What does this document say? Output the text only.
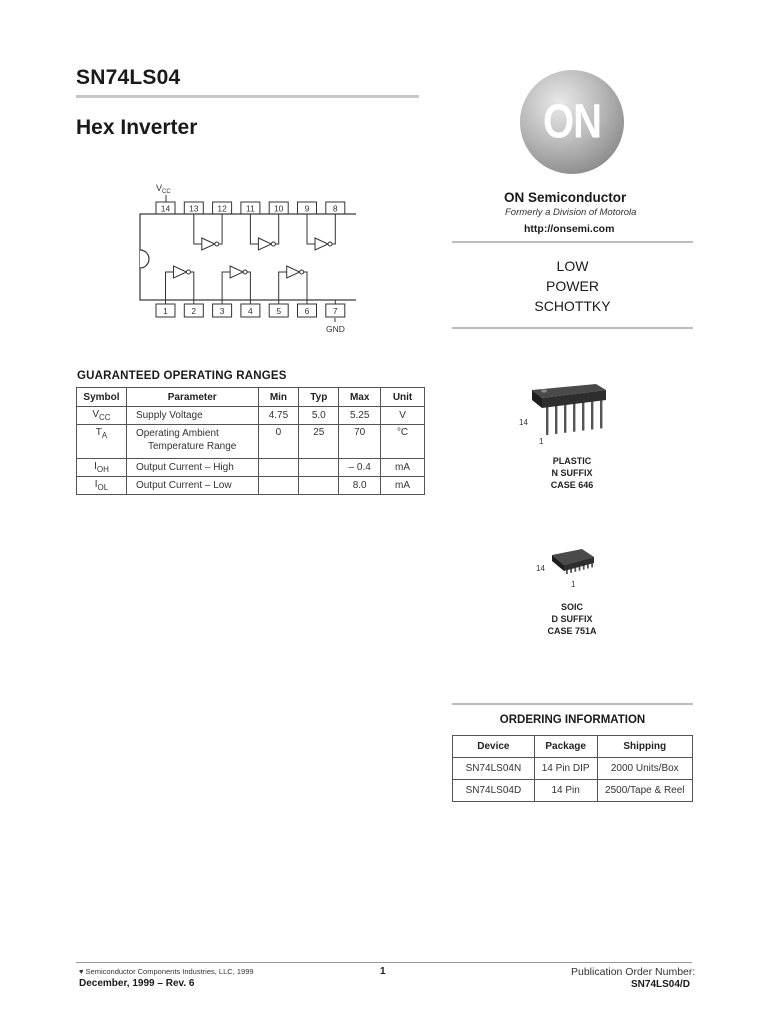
SN74LS04
Hex Inverter
$V_{CC}$
14 13 12 11 10 9	8
1	2	3	4	5	6	7
GND
GUARANTEED OPERATING RANGES
Symbol	Parameter	Min	Typ	Max	Unit
$V_{CC}$	Supply Voltage	4.75	5.0	5.25	V
$T_A$	Operating Ambient
Temperature Range	0	25	70	°C
$I_{OH}$	Output Current – High			– 0.4	mA
$I_{OL}$	Output Current – Low			8.0	mA
ON
ON Semiconductor
Formerly a Division of Motorola
http://onsemi.com
LOW
POWER
SCHOTTKY
14
1
PLASTIC
N SUFFIX
CASE 646
14
1
SOIC
D SUFFIX
CASE 751A
ORDERING INFORMATION
Device	Package	Shipping
SN74LS04N	14 Pin DIP	2000 Units/Box
SN74LS04D	14 Pin	2500/Tape & Reel
♥ Semiconductor Components Industries, LLC, 1999
December, 1999 – Rev. 6
1	Publication Order Number:
SN74LS04/D
